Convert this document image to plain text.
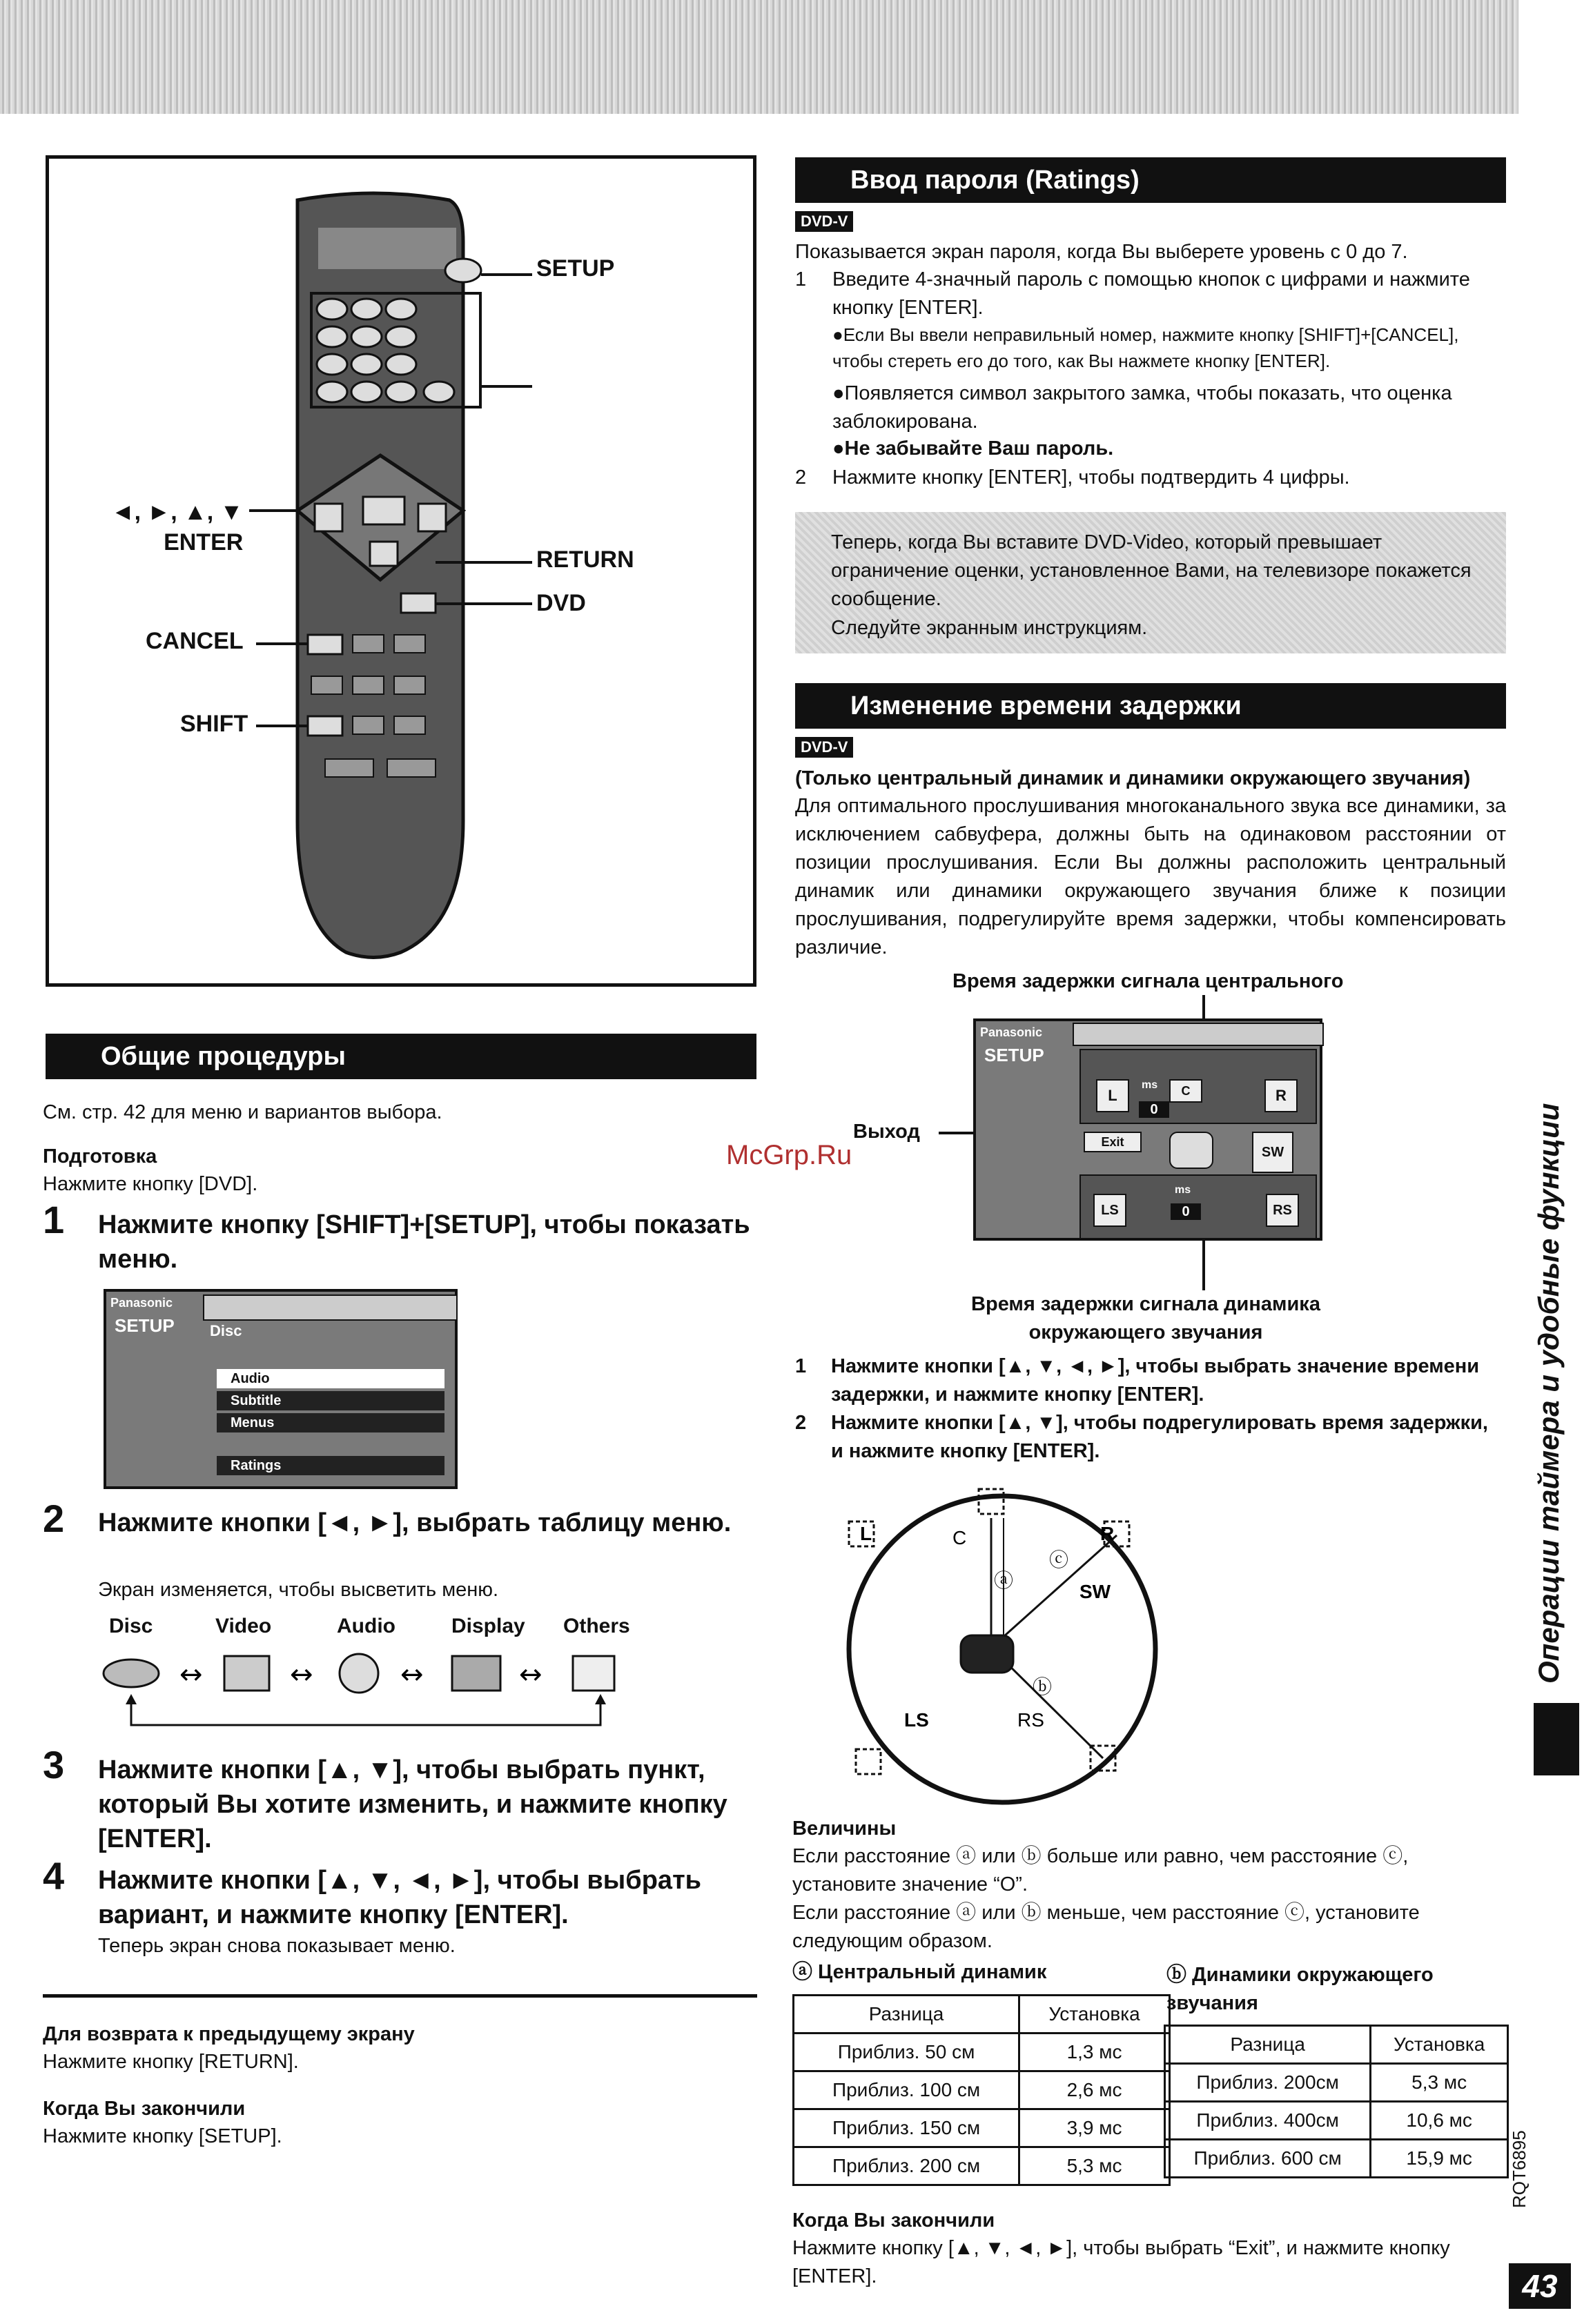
SETUP
◄, ►, ▲, ▼
ENTER
RETURN
DVD
CANCEL
SHIFT
Общие процедуры
См. стр. 42 для меню и вариантов выбора.
Подготовка
Нажмите кнопку [DVD].
1 Нажмите кнопку [SHIFT]+[SETUP], чтобы показать меню.
Panasonic
SETUP Disc
Audio
Subtitle
Menus
Ratings
2 Нажмите кнопки [◄, ►], выбрать таблицу меню.
Экран изменяется, чтобы высветить меню.
Disc	Video	Audio	Display Others
↔	↔	↔	↔
3 Нажмите кнопки [▲, ▼], чтобы выбрать пункт, который Вы хотите изменить, и нажмите кнопку [ENTER].
4 Нажмите кнопки [▲, ▼, ◄, ►], чтобы выбрать вариант, и нажмите кнопку [ENTER].
Теперь экран снова показывает меню.
Для возврата к предыдущему экрану
Нажмите кнопку [RETURN].
Когда Вы закончили
Нажмите кнопку [SETUP].
McGrp.Ru
Ввод пароля (Ratings)
DVD-V
Показывается экран пароля, когда Вы выберете уровень с 0 до 7.
1 Введите 4-значный пароль с помощью кнопок с цифрами и нажмите кнопку [ENTER].
●Если Вы ввели неправильный номер, нажмите кнопку [SHIFT]+[CANCEL], чтобы стереть его до того, как Вы нажмете кнопку [ENTER].
●Появляется символ закрытого замка, чтобы показать, что оценка заблокирована.
●Не забывайте Ваш пароль.
2 Нажмите кнопку [ENTER], чтобы подтвердить 4 цифры.
Теперь, когда Вы вставите DVD-Video, который превышает ограничение оценки, установленное Вами, на телевизоре покажется сообщение.
Следуйте экранным инструкциям.
Изменение времени задержки
DVD-V
(Только центральный динамик и динамики окружающего звучания)
Для оптимального прослушивания многоканального звука все динамики, за исключением сабвуфера, должны быть на одинаковом расстоянии от позиции прослушивания. Если Вы должны расположить центральный динамик или динамики окружающего звучания ближе к позиции прослушивания, подрегулируйте время задержки, чтобы компенсировать различие.
Время задержки сигнала центрального
Выход
Panasonic
SETUP
L	C
ms
0
R
Exit
SW
LS
ms
0	RS
Время задержки сигнала динамика окружающего звучания
1 Нажмите кнопки [▲, ▼, ◄, ►], чтобы выбрать значение времени задержки, и нажмите кнопку [ENTER].
2 Нажмите кнопки [▲, ▼], чтобы подрегулировать время задержки, и нажмите кнопку [ENTER].
L	C	R
SW
LS	RS
ⓐ
ⓑ
ⓒ
Величины
Если расстояние ⓐ или ⓑ больше или равно, чем расстояние ⓒ, установите значение “O”.
Если расстояние ⓐ или ⓑ меньше, чем расстояние ⓒ, установите следующим образом.
ⓐ Центральный динамик	ⓑ Динамики окружающего звучания
Разница	Установка
Приблиз. 50 см	1,3 мс
Приблиз. 100 см	2,6 мс
Приблиз. 150 см	3,9 мс
Приблиз. 200 см	5,3 мс
Разница	Установка
Приблиз. 200см	5,3 мс
Приблиз. 400см	10,6 мс
Приблиз. 600 см	15,9 мс
Когда Вы закончили
Нажмите кнопку [▲, ▼, ◄, ►], чтобы выбрать “Exit”, и нажмите кнопку [ENTER].
Операции таймера и удобные функции
RQT6895
43
